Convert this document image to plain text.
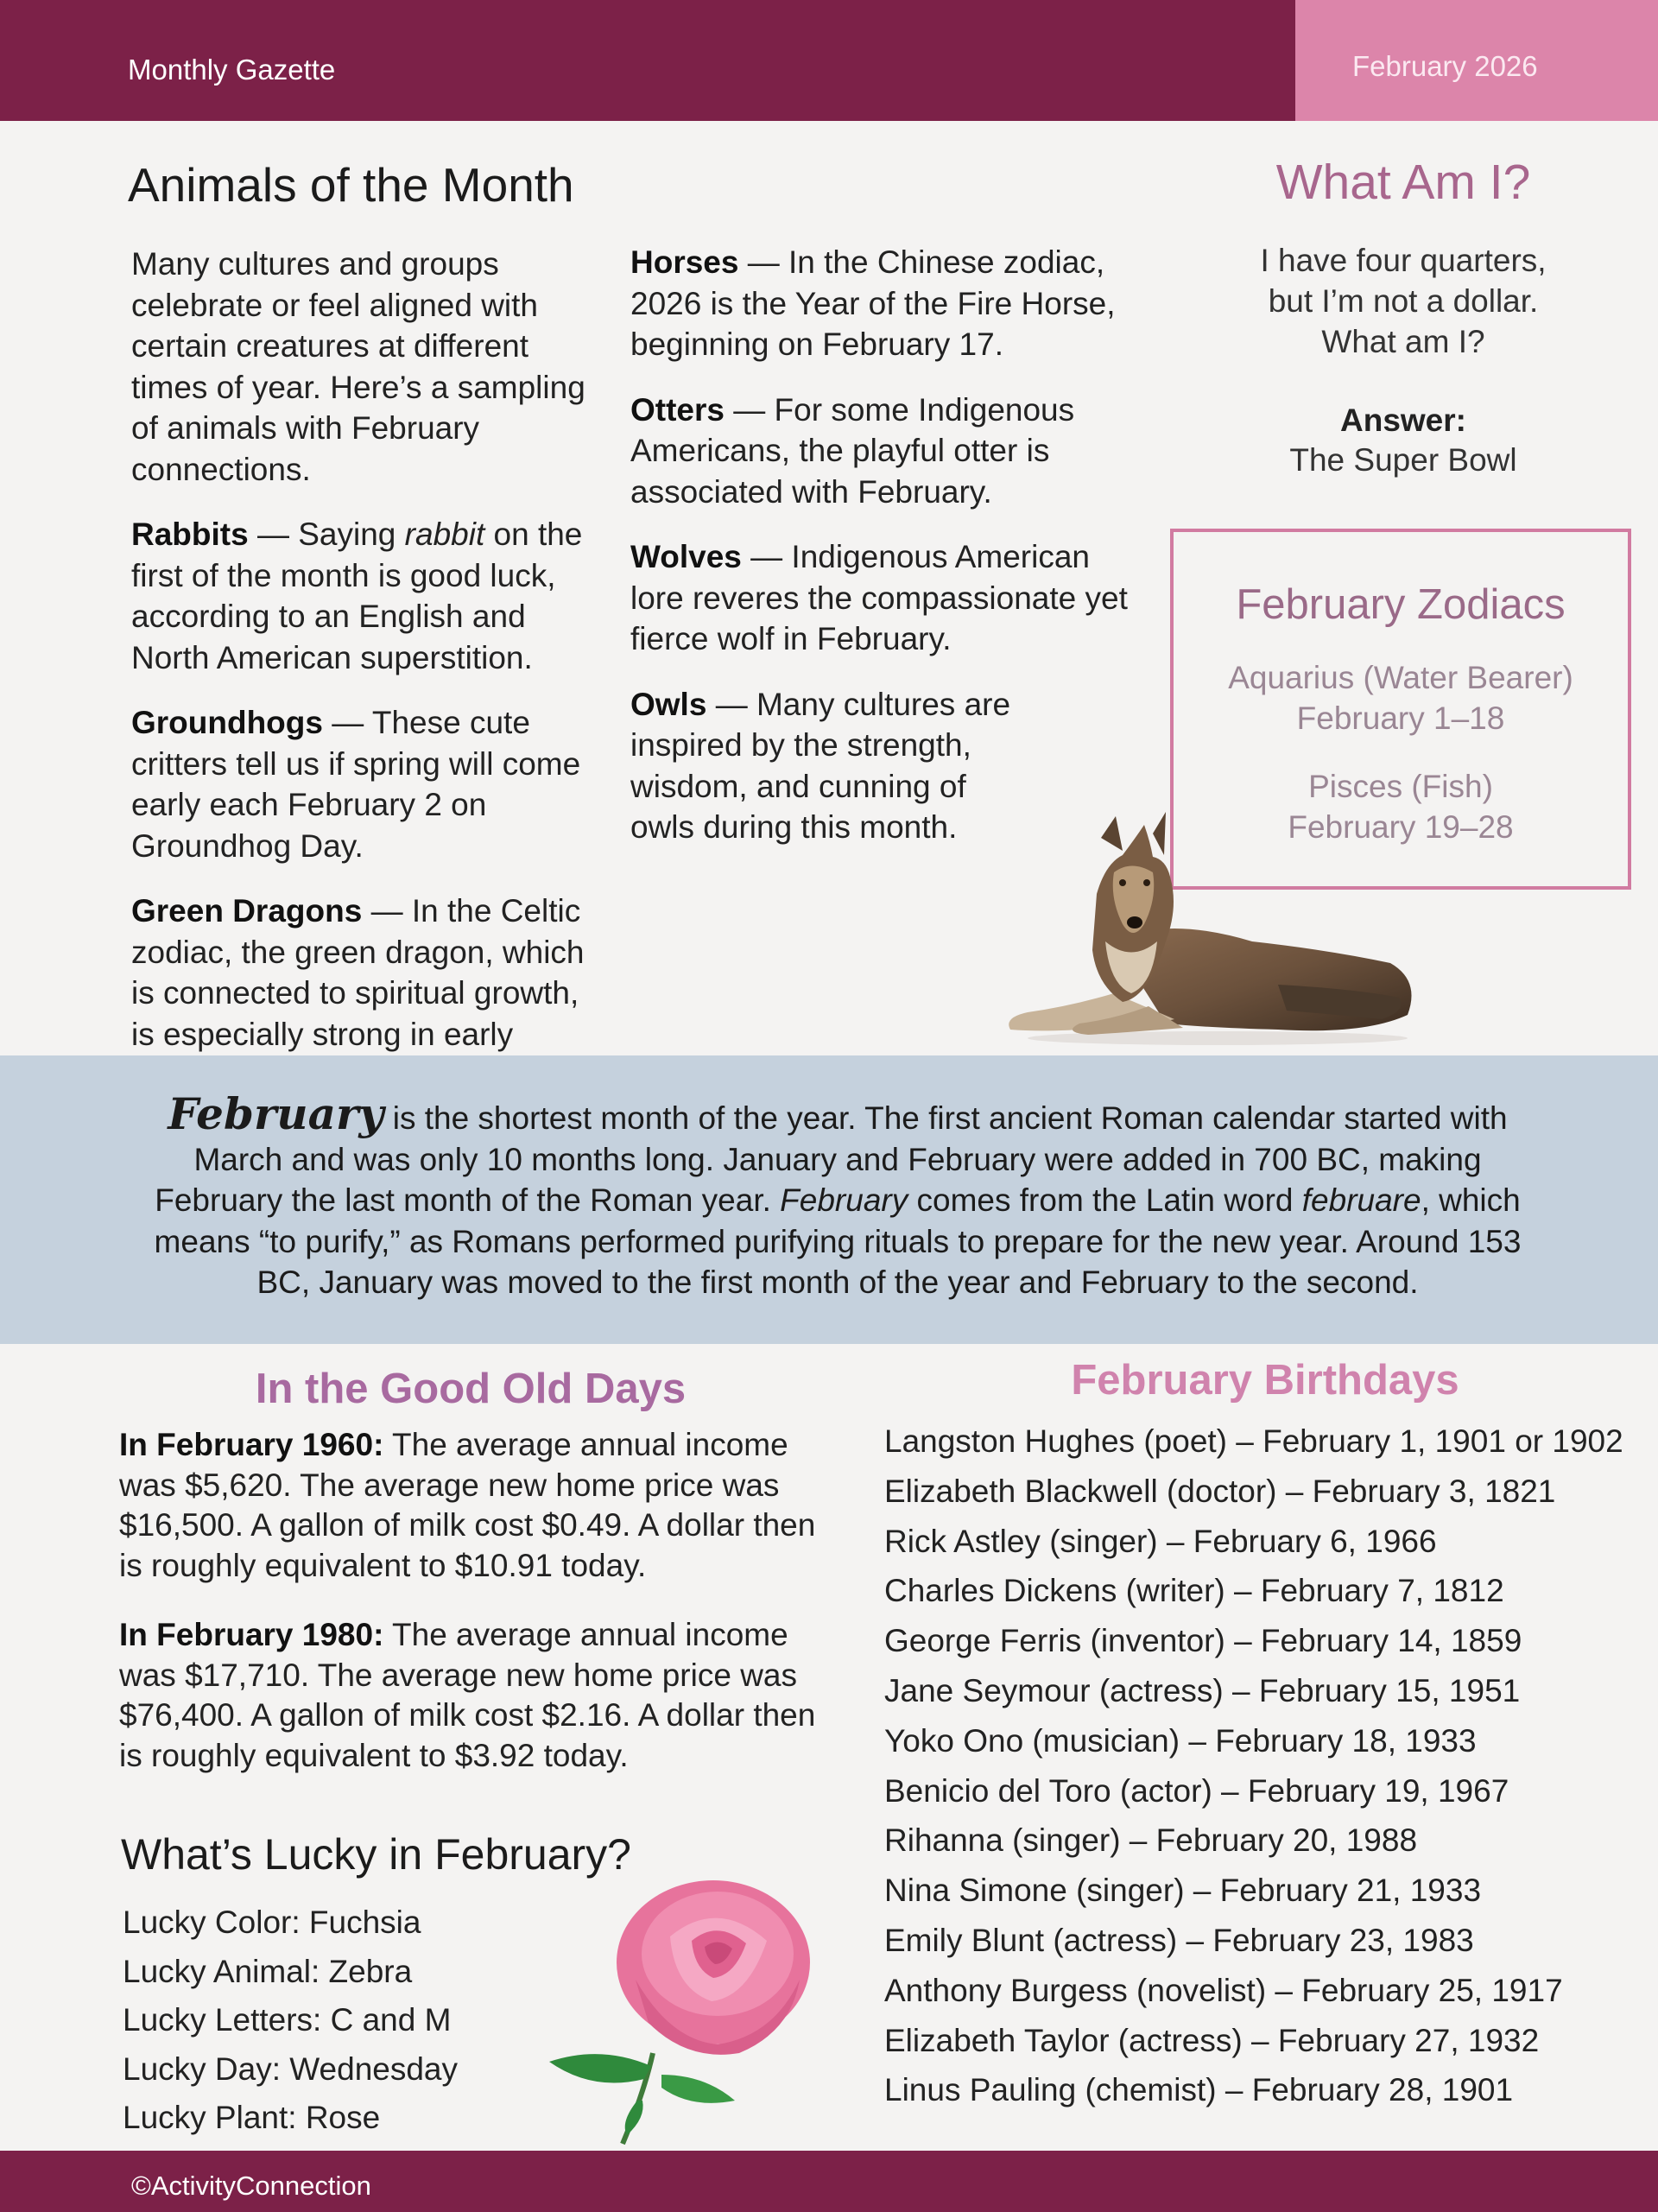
Monthly Gazette	February 2026
Animals of the Month

Many cultures and groups celebrate or feel aligned with certain creatures at different times of year. Here’s a sampling of animals with February connections.

Rabbits — Saying rabbit on the first of the month is good luck, according to an English and North American superstition.

Groundhogs — These cute critters tell us if spring will come early each February 2 on Groundhog Day.

Green Dragons — In the Celtic zodiac, the green dragon, which is connected to spiritual growth, is especially strong in early

Horses — In the Chinese zodiac, 2026 is the Year of the Fire Horse, beginning on February 17.

Otters — For some Indigenous Americans, the playful otter is associated with February.

Wolves — Indigenous American lore reveres the compassionate yet fierce wolf in February.

Owls — Many cultures are inspired by the strength, wisdom, and cunning of owls during this month.

What Am I?
I have four quarters,
but I’m not a dollar.
What am I?
Answer:
The Super Bowl
February Zodiacs
Aquarius (Water Bearer)
February 1–18
Pisces (Fish)
February 19–28
February is the shortest month of the year. The first ancient Roman calendar started with March and was only 10 months long. January and February were added in 700 BC, making February the last month of the Roman year. February comes from the Latin word februare, which means “to purify,” as Romans performed purifying rituals to prepare for the new year. Around 153 BC, January was moved to the first month of the year and February to the second.
In the Good Old Days
In February 1960: The average annual income was $5,620. The average new home price was $16,500. A gallon of milk cost $0.49. A dollar then is roughly equivalent to $10.91 today.
In February 1980: The average annual income was $17,710. The average new home price was $76,400. A gallon of milk cost $2.16. A dollar then is roughly equivalent to $3.92 today.
What’s Lucky in February?
Lucky Color: Fuchsia
Lucky Animal: Zebra
Lucky Letters: C and M
Lucky Day: Wednesday
Lucky Plant: Rose
February Birthdays
Langston Hughes (poet) – February 1, 1901 or 1902
Elizabeth Blackwell (doctor) – February 3, 1821
Rick Astley (singer) – February 6, 1966
Charles Dickens (writer) – February 7, 1812
George Ferris (inventor) – February 14, 1859
Jane Seymour (actress) – February 15, 1951
Yoko Ono (musician) – February 18, 1933
Benicio del Toro (actor) – February 19, 1967
Rihanna (singer) – February 20, 1988
Nina Simone (singer) – February 21, 1933
Emily Blunt (actress) – February 23, 1983
Anthony Burgess (novelist) – February 25, 1917
Elizabeth Taylor (actress) – February 27, 1932
Linus Pauling (chemist) – February 28, 1901
©ActivityConnection
